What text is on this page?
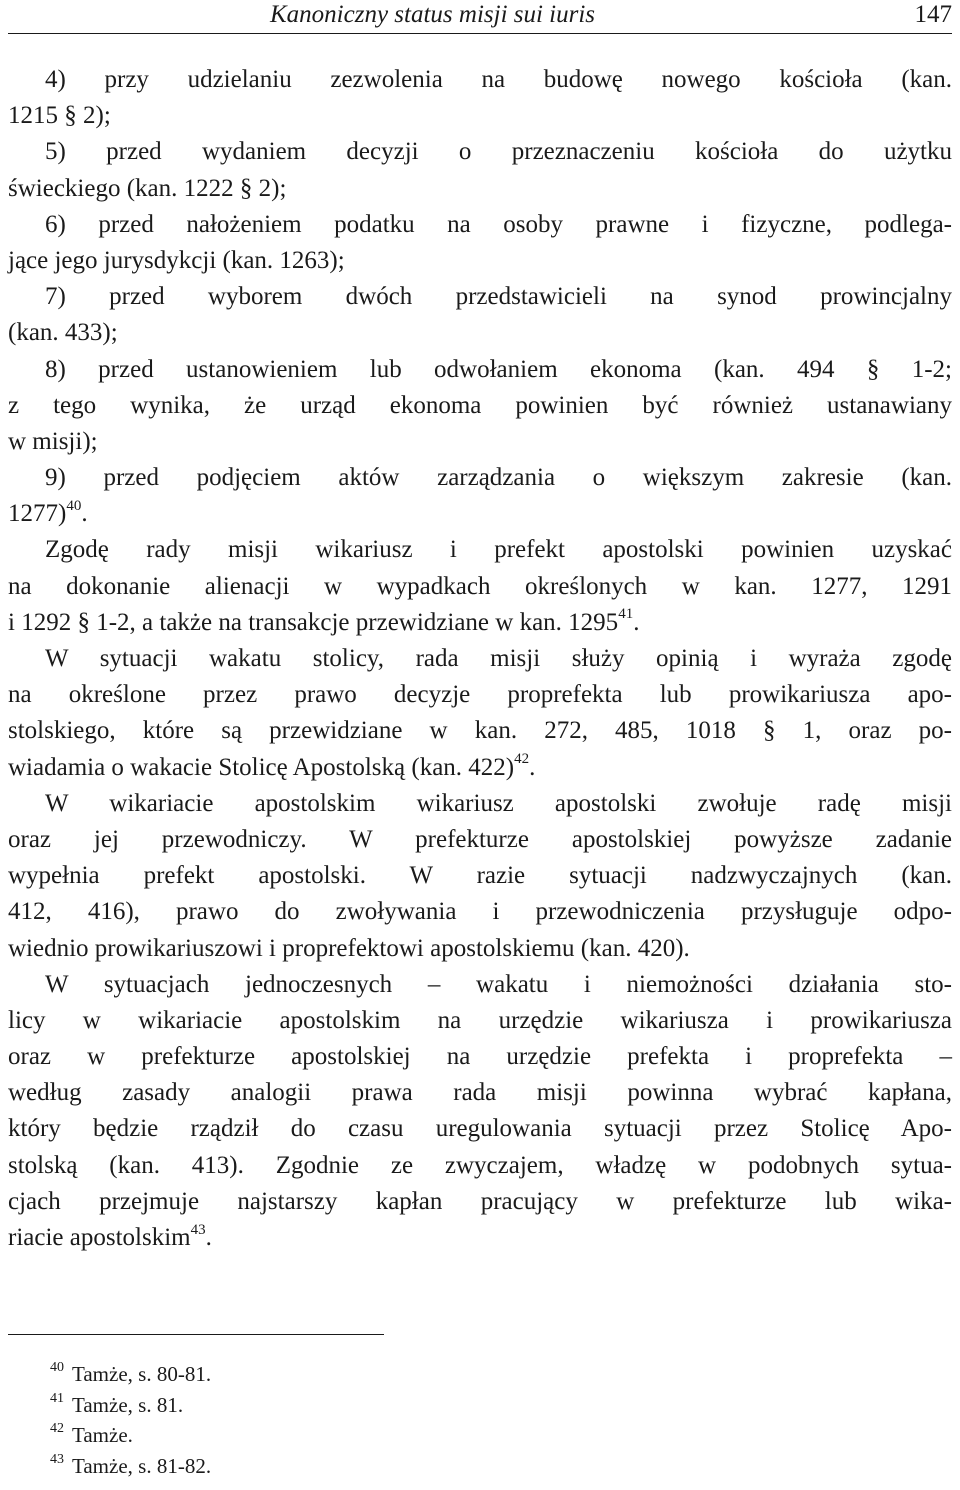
Kanoniczny status misji sui iuris	147
4) przy udzielaniu zezwolenia na budowę nowego kościoła (kan.
1215 § 2);
5) przed wydaniem decyzji o przeznaczeniu kościoła do użytku
świeckiego (kan. 1222 § 2);
6) przed nałożeniem podatku na osoby prawne i fizyczne, podlega-
jące jego jurysdykcji (kan. 1263);
7) przed wyborem dwóch przedstawicieli na synod prowincjalny
(kan. 433);
8) przed ustanowieniem lub odwołaniem ekonoma (kan. 494 § 1-2;
z tego wynika, że urząd ekonoma powinien być również ustanawiany
w misji);
9) przed podjęciem aktów zarządzania o większym zakresie (kan.
1277)$^{40}$.
Zgodę rady misji wikariusz i prefekt apostolski powinien uzyskać
na dokonanie alienacji w wypadkach określonych w kan. 1277, 1291
i 1292 § 1-2, a także na transakcje przewidziane w kan. 1295$^{41}$.
W sytuacji wakatu stolicy, rada misji służy opinią i wyraża zgodę
na określone przez prawo decyzje proprefekta lub prowikariusza apo-
stolskiego, które są przewidziane w kan. 272, 485, 1018 § 1, oraz po-
wiadamia o wakacie Stolicę Apostolską (kan. 422)$^{42}$.
W wikariacie apostolskim wikariusz apostolski zwołuje radę misji
oraz jej przewodniczy. W prefekturze apostolskiej powyższe zadanie
wypełnia prefekt apostolski. W razie sytuacji nadzwyczajnych (kan.
412, 416), prawo do zwoływania i przewodniczenia przysługuje odpo-
wiednio prowikariuszowi i proprefektowi apostolskiemu (kan. 420).
W sytuacjach jednoczesnych – wakatu i niemożności działania sto-
licy w wikariacie apostolskim na urzędzie wikariusza i prowikariusza
oraz w prefekturze apostolskiej na urzędzie prefekta i proprefekta –
według zasady analogii prawa rada misji powinna wybrać kapłana,
który będzie rządził do czasu uregulowania sytuacji przez Stolicę Apo-
stolską (kan. 413). Zgodnie ze zwyczajem, władzę w podobnych sytua-
cjach przejmuje najstarszy kapłan pracujący w prefekturze lub wika-
riacie apostolskim$^{43}$.
$^{40}$ Tamże, s. 80-81.
$^{41}$ Tamże, s. 81.
$^{42}$ Tamże.
$^{43}$ Tamże, s. 81-82.
